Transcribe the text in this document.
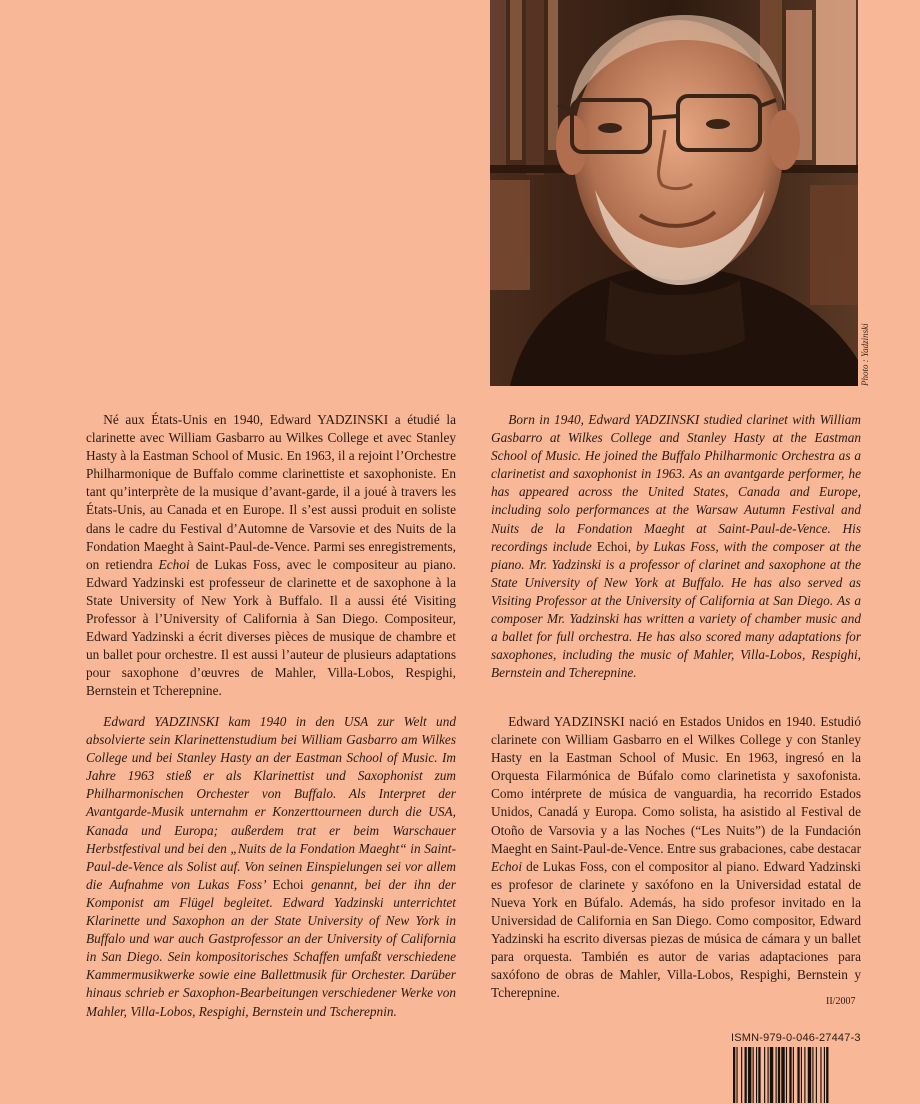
Photo : Yadzinski

Né aux États-Unis en 1940, Edward YADZINSKI a étudié la clarinette avec William Gasbarro au Wilkes College et avec Stanley Hasty à la Eastman School of Music. En 1963, il a rejoint l’Orchestre Philharmonique de Buffalo comme clarinettiste et saxophoniste. En tant qu’interprète de la musique d’avant-garde, il a joué à travers les États-Unis, au Canada et en Europe. Il s’est aussi produit en soliste dans le cadre du Festival d’Automne de Varsovie et des Nuits de la Fondation Maeght à Saint-Paul-de-Vence. Parmi ses enregistrements, on retiendra Echoi de Lukas Foss, avec le compositeur au piano. Edward Yadzinski est professeur de clarinette et de saxophone à la State University of New York à Buffalo. Il a aussi été Visiting Professor à l’University of California à San Diego. Compositeur, Edward Yadzinski a écrit diverses pièces de musique de chambre et un ballet pour orchestre. Il est aussi l’auteur de plusieurs adaptations pour saxophone d’œuvres de Mahler, Villa-Lobos, Respighi, Bernstein et Tcherepnine.

Born in 1940, Edward YADZINSKI studied clarinet with William Gasbarro at Wilkes College and Stanley Hasty at the Eastman School of Music. He joined the Buffalo Philharmonic Orchestra as a clarinetist and saxophonist in 1963. As an avantgarde performer, he has appeared across the United States, Canada and Europe, including solo performances at the Warsaw Autumn Festival and Nuits de la Fondation Maeght at Saint-Paul-de-Vence. His recordings include Echoi, by Lukas Foss, with the composer at the piano. Mr. Yadzinski is a professor of clarinet and saxophone at the State University of New York at Buffalo. He has also served as Visiting Professor at the University of California at San Diego. As a composer Mr. Yadzinski has written a variety of chamber music and a ballet for full orchestra. He has also scored many adaptations for saxophones, including the music of Mahler, Villa-Lobos, Respighi, Bernstein and Tcherepnine.

Edward YADZINSKI kam 1940 in den USA zur Welt und absolvierte sein Klarinettenstudium bei William Gasbarro am Wilkes College und bei Stanley Hasty an der Eastman School of Music. Im Jahre 1963 stieß er als Klarinettist und Saxophonist zum Philharmonischen Orchester von Buffalo. Als Interpret der Avantgarde-Musik unternahm er Konzerttourneen durch die USA, Kanada und Europa; außerdem trat er beim Warschauer Herbstfestival und bei den „Nuits de la Fondation Maeght“ in Saint-Paul-de-Vence als Solist auf. Von seinen Einspielungen sei vor allem die Aufnahme von Lukas Foss’ Echoi genannt, bei der ihn der Komponist am Flügel begleitet. Edward Yadzinski unterrichtet Klarinette und Saxophon an der State University of New York in Buffalo und war auch Gastprofessor an der University of California in San Diego. Sein kompositorisches Schaffen umfaßt verschiedene Kammermusikwerke sowie eine Ballettmusik für Orchester. Darüber hinaus schrieb er Saxophon-Bearbeitungen verschiedener Werke von Mahler, Villa-Lobos, Respighi, Bernstein und Tscherepnin.

Edward YADZINSKI nació en Estados Unidos en 1940. Estudió clarinete con William Gasbarro en el Wilkes College y con Stanley Hasty en la Eastman School of Music. En 1963, ingresó en la Orquesta Filarmónica de Búfalo como clarinetista y saxofonista. Como intérprete de música de vanguardia, ha recorrido Estados Unidos, Canadá y Europa. Como solista, ha asistido al Festival de Otoño de Varsovia y a las Noches (“Les Nuits”) de la Fundación Maeght en Saint-Paul-de-Vence. Entre sus grabaciones, cabe destacar Echoi de Lukas Foss, con el compositor al piano. Edward Yadzinski es profesor de clarinete y saxófono en la Universidad estatal de Nueva York en Búfalo. Además, ha sido profesor invitado en la Universidad de California en San Diego. Como compositor, Edward Yadzinski ha escrito diversas piezas de música de cámara y un ballet para orquesta. También es autor de varias adaptaciones para saxófono de obras de Mahler, Villa-Lobos, Respighi, Bernstein y Tcherepnine.

II/2007
ISMN-979-0-046-27447-3
